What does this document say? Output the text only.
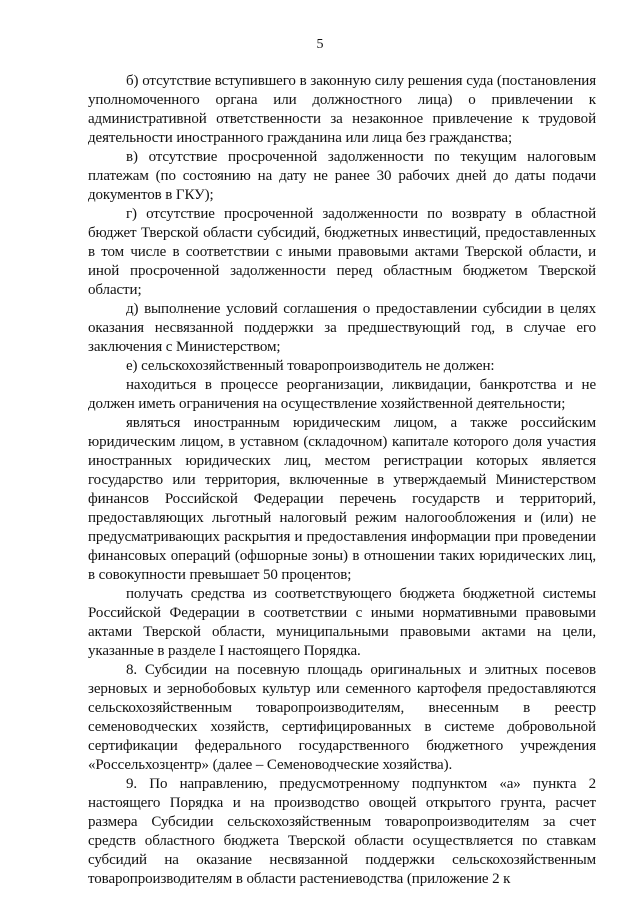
5

б) отсутствие вступившего в законную силу решения суда (постановления уполномоченного органа или должностного лица) о привлечении к административной ответственности за незаконное привлечение к трудовой деятельности иностранного гражданина или лица без гражданства;

в) отсутствие просроченной задолженности по текущим налоговым платежам (по состоянию на дату не ранее 30 рабочих дней до даты подачи документов в ГКУ);

г) отсутствие просроченной задолженности по возврату в областной бюджет Тверской области субсидий, бюджетных инвестиций, предоставленных в том числе в соответствии с иными правовыми актами Тверской области, и иной просроченной задолженности перед областным бюджетом Тверской области;

д) выполнение условий соглашения о предоставлении субсидии в целях оказания несвязанной поддержки за предшествующий год, в случае его заключения с Министерством;

е) сельскохозяйственный товаропроизводитель не должен:

находиться в процессе реорганизации, ликвидации, банкротства и не должен иметь ограничения на осуществление хозяйственной деятельности;

являться иностранным юридическим лицом, а также российским юридическим лицом, в уставном (складочном) капитале которого доля участия иностранных юридических лиц, местом регистрации которых является государство или территория, включенные в утверждаемый Министерством финансов Российской Федерации перечень государств и территорий, предоставляющих льготный налоговый режим налогообложения и (или) не предусматривающих раскрытия и предоставления информации при проведении финансовых операций (офшорные зоны) в отношении таких юридических лиц, в совокупности превышает 50 процентов;

получать средства из соответствующего бюджета бюджетной системы Российской Федерации в соответствии с иными нормативными правовыми актами Тверской области, муниципальными правовыми актами на цели, указанные в разделе I настоящего Порядка.

8. Субсидии на посевную площадь оригинальных и элитных посевов зерновых и зернобобовых культур или семенного картофеля предоставляются сельскохозяйственным товаропроизводителям, внесенным в реестр семеноводческих хозяйств, сертифицированных в системе добровольной сертификации федерального государственного бюджетного учреждения «Россельхозцентр» (далее – Семеноводческие хозяйства).

9. По направлению, предусмотренному подпунктом «а» пункта 2 настоящего Порядка и на производство овощей открытого грунта, расчет размера Субсидии сельскохозяйственным товаропроизводителям за счет средств областного бюджета Тверской области осуществляется по ставкам субсидий на оказание несвязанной поддержки сельскохозяйственным товаропроизводителям в области растениеводства (приложение 2 к
